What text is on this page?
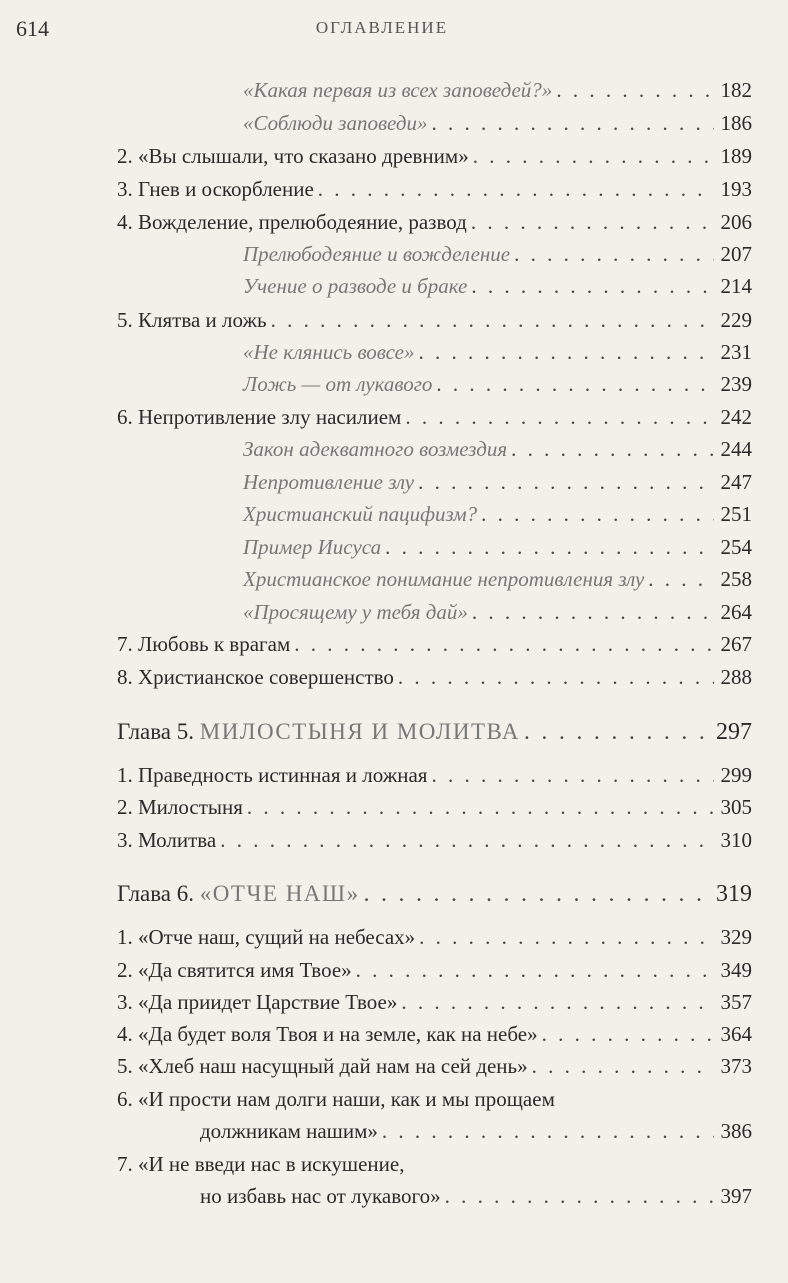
614	ОГЛАВЛЕНИЕ
«Какая первая из всех заповедей?» . . .	182
«Соблюди заповеди» . . .	186
2. «Вы слышали, что сказано древним» . . .	189
3. Гнев и оскорбление . . .	193
4. Вожделение, прелюбодеяние, развод . . .	206
Прелюбодеяние и вожделение . . .	207
Учение о разводе и браке . . .	214
5. Клятва и ложь . . .	229
«Не клянись вовсе» . . .	231
Ложь — от лукавого . . .	239
6. Непротивление злу насилием . . .	242
Закон адекватного возмездия . . .	244
Непротивление злу . . .	247
Христианский пацифизм? . . .	251
Пример Иисуса . . .	254
Христианское понимание непротивления злу . . .	258
«Просящему у тебя дай» . . .	264
7. Любовь к врагам . . .	267
8. Христианское совершенство . . .	288
Глава 5. МИЛОСТЫНЯ И МОЛИТВА . . .	297
1. Праведность истинная и ложная . . .	299
2. Милостыня . . .	305
3. Молитва . . .	310
Глава 6. «ОТЧЕ НАШ» . . .	319
1. «Отче наш, сущий на небесах» . . .	329
2. «Да святится имя Твое» . . .	349
3. «Да приидет Царствие Твое» . . .	357
4. «Да будет воля Твоя и на земле, как на небе» . . .	364
5. «Хлеб наш насущный дай нам на сей день» . . .	373
6. «И прости нам долги наши, как и мы прощаем
должникам нашим» . . .	386
7. «И не введи нас в искушение,
но избавь нас от лукавого» . . .	397
